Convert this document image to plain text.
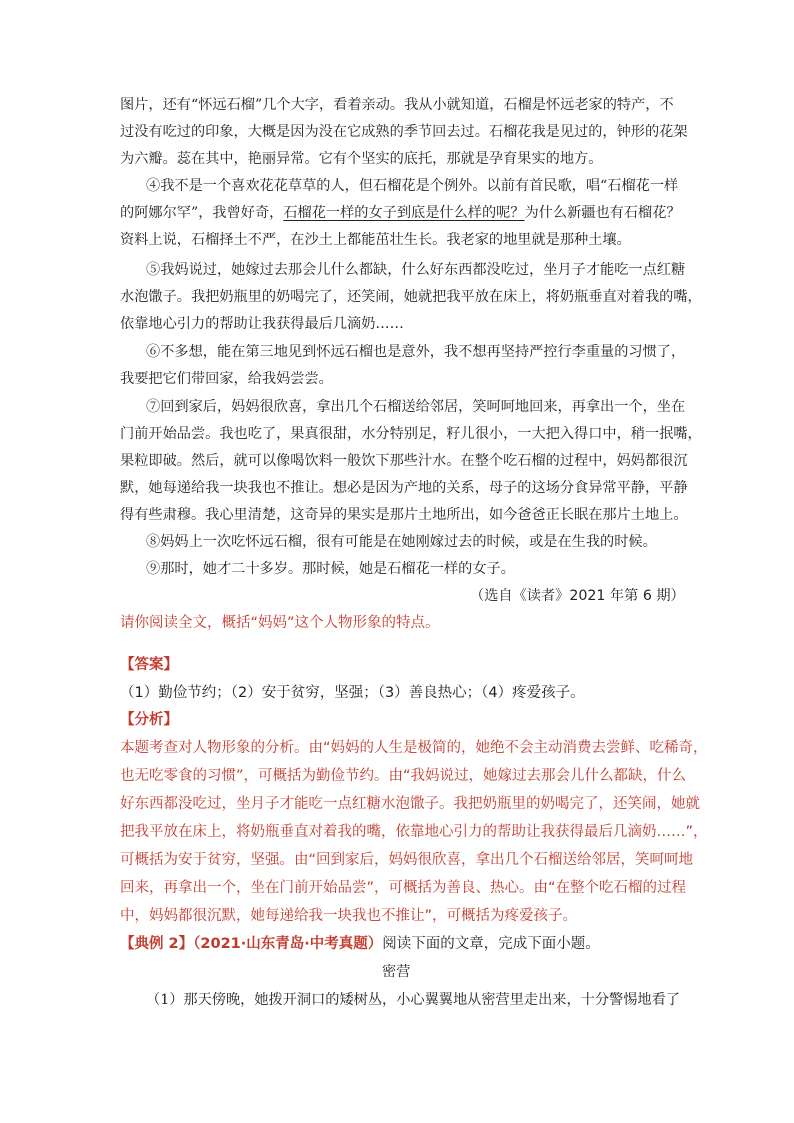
图片，还有“怀远石榴”几个大字，看着亲动。我从小就知道，石榴是怀远老家的特产，不
过没有吃过的印象，大概是因为没在它成熟的季节回去过。石榴花我是见过的，钟形的花架
为六瓣。蕊在其中，艳丽异常。它有个坚实的底托，那就是孕育果实的地方。
④我不是一个喜欢花花草草的人，但石榴花是个例外。以前有首民歌，唱“石榴花一样
的阿娜尔罕”，我曾好奇，石榴花一样的女子到底是什么样的呢？为什么新疆也有石榴花？
资料上说，石榴择土不严，在沙土上都能茁壮生长。我老家的地里就是那种土壤。
⑤我妈说过，她嫁过去那会儿什么都缺，什么好东西都没吃过，坐月子才能吃一点红糖
水泡馓子。我把奶瓶里的奶喝完了，还笑闹，她就把我平放在床上，将奶瓶垂直对着我的嘴，
依靠地心引力的帮助让我获得最后几滴奶……
⑥不多想，能在第三地见到怀远石榴也是意外，我不想再坚持严控行李重量的习惯了，
我要把它们带回家，给我妈尝尝。
⑦回到家后，妈妈很欣喜，拿出几个石榴送给邻居，笑呵呵地回来，再拿出一个，坐在
门前开始品尝。我也吃了，果真很甜，水分特别足，籽儿很小，一大把入得口中，稍一抿嘴，
果粒即破。然后，就可以像喝饮料一般饮下那些汁水。在整个吃石榴的过程中，妈妈都很沉
默，她每递给我一块我也不推让。想必是因为产地的关系，母子的这场分食异常平静，平静
得有些肃穆。我心里清楚，这奇异的果实是那片土地所出，如今爸爸正长眠在那片土地上。
⑧妈妈上一次吃怀远石榴，很有可能是在她刚嫁过去的时候，或是在生我的时候。
⑨那时，她才二十多岁。那时候，她是石榴花一样的女子。
（选自《读者》2021 年第 6 期）
请你阅读全文，概括“妈妈”这个人物形象的特点。
【答案】
（1）勤俭节约；（2）安于贫穷，坚强；（3）善良热心；（4）疼爱孩子。
【分析】
本题考查对人物形象的分析。由“妈妈的人生是极简的，她绝不会主动消费去尝鲜、吃稀奇，
也无吃零食的习惯”，可概括为勤俭节约。由“我妈说过，她嫁过去那会儿什么都缺，什么
好东西都没吃过，坐月子才能吃一点红糖水泡馓子。我把奶瓶里的奶喝完了，还笑闹，她就
把我平放在床上，将奶瓶垂直对着我的嘴，依靠地心引力的帮助让我获得最后几滴奶……”，
可概括为安于贫穷，坚强。由“回到家后，妈妈很欣喜，拿出几个石榴送给邻居，笑呵呵地
回来，再拿出一个，坐在门前开始品尝”，可概括为善良、热心。由“在整个吃石榴的过程
中，妈妈都很沉默，她每递给我一块我也不推让”，可概括为疼爱孩子。
【典例 2】（2021·山东青岛·中考真题）阅读下面的文章，完成下面小题。
密营
（1）那天傍晚，她拨开洞口的矮树丛，小心翼翼地从密营里走出来，十分警惕地看了
